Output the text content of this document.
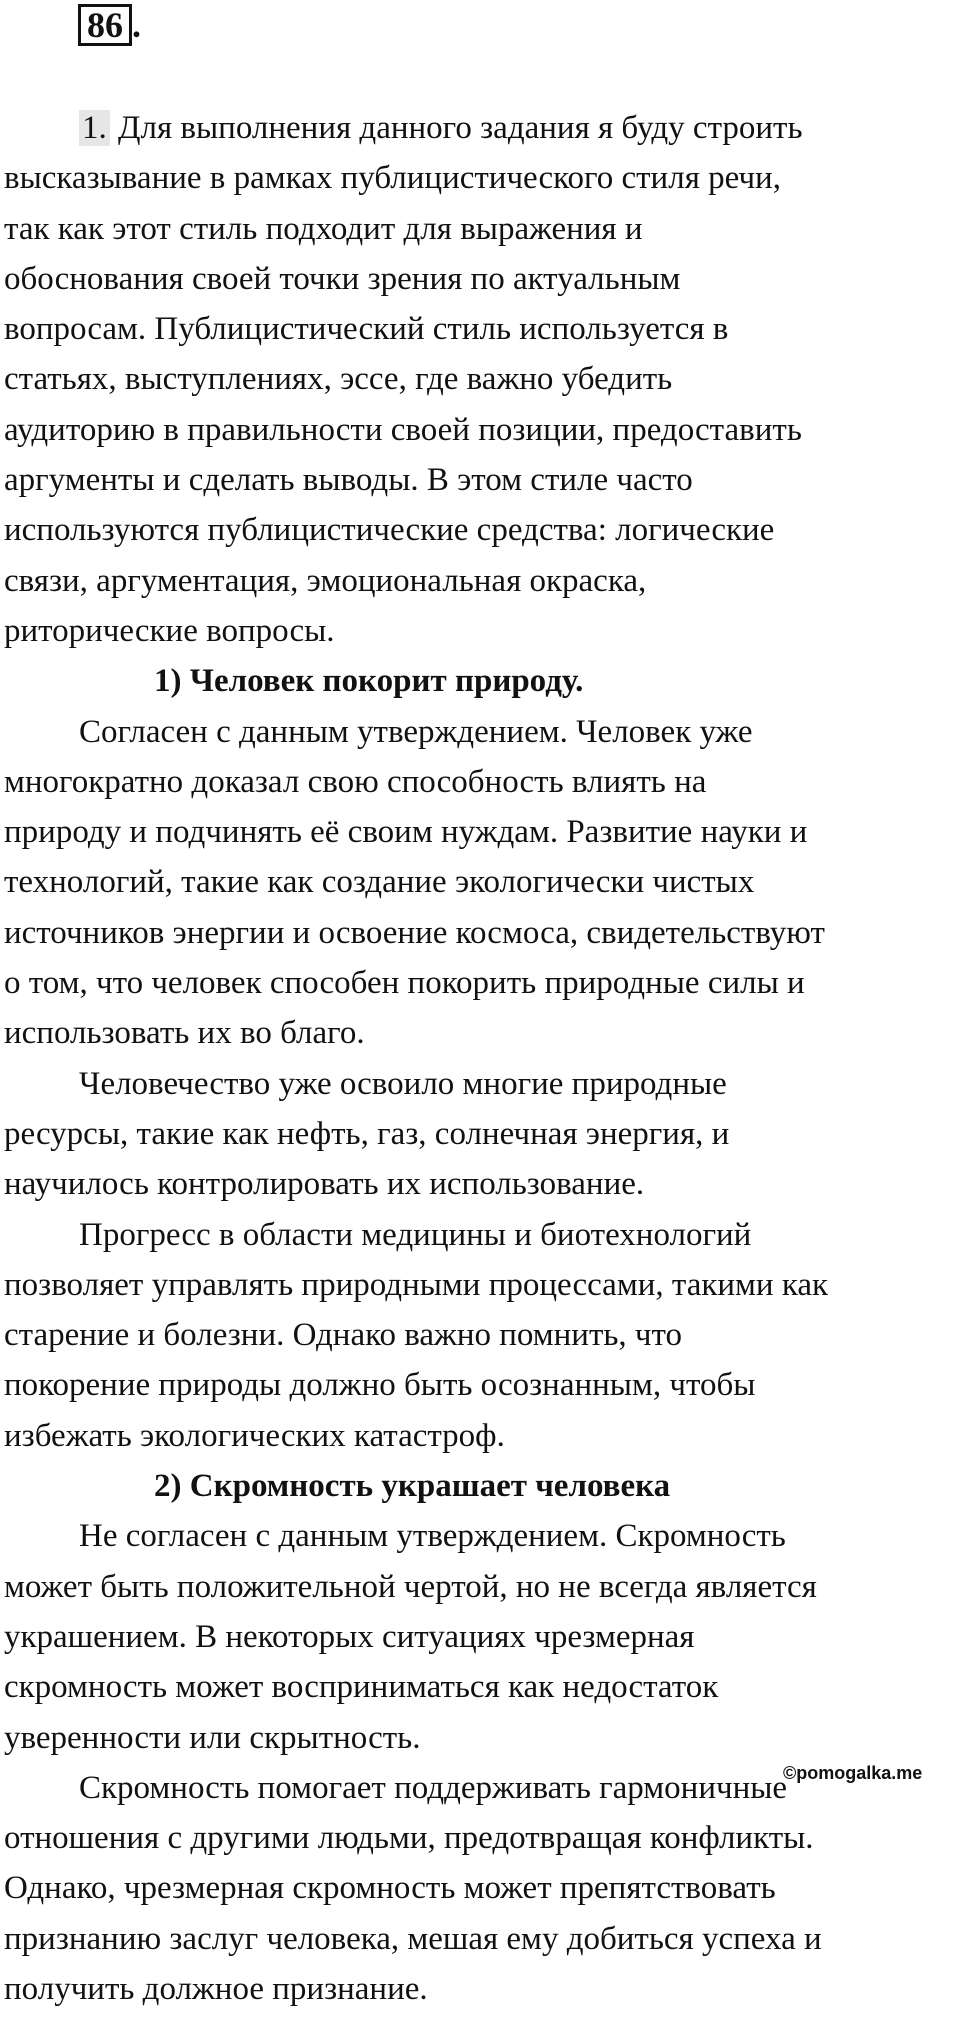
86 .
1. Для выполнения данного задания я буду строить
высказывание в рамках публицистического стиля речи,
так как этот стиль подходит для выражения и
обоснования своей точки зрения по актуальным
вопросам. Публицистический стиль используется в
статьях, выступлениях, эссе, где важно убедить
аудиторию в правильности своей позиции, предоставить
аргументы и сделать выводы. В этом стиле часто
используются публицистические средства: логические
связи, аргументация, эмоциональная окраска,
риторические вопросы.
1) Человек покорит природу.
Согласен с данным утверждением. Человек уже
многократно доказал свою способность влиять на
природу и подчинять её своим нуждам. Развитие науки и
технологий, такие как создание экологически чистых
источников энергии и освоение космоса, свидетельствуют
о том, что человек способен покорить природные силы и
использовать их во благо.
Человечество уже освоило многие природные
ресурсы, такие как нефть, газ, солнечная энергия, и
научилось контролировать их использование.
Прогресс в области медицины и биотехнологий
позволяет управлять природными процессами, такими как
старение и болезни. Однако важно помнить, что
покорение природы должно быть осознанным, чтобы
избежать экологических катастроф.
2) Скромность украшает человека
Не согласен с данным утверждением. Скромность
может быть положительной чертой, но не всегда является
украшением. В некоторых ситуациях чрезмерная
скромность может восприниматься как недостаток
уверенности или скрытность.
Скромность помогает поддерживать гармоничные
отношения с другими людьми, предотвращая конфликты.
Однако, чрезмерная скромность может препятствовать
признанию заслуг человека, мешая ему добиться успеха и
получить должное признание.
©pomogalka.me
